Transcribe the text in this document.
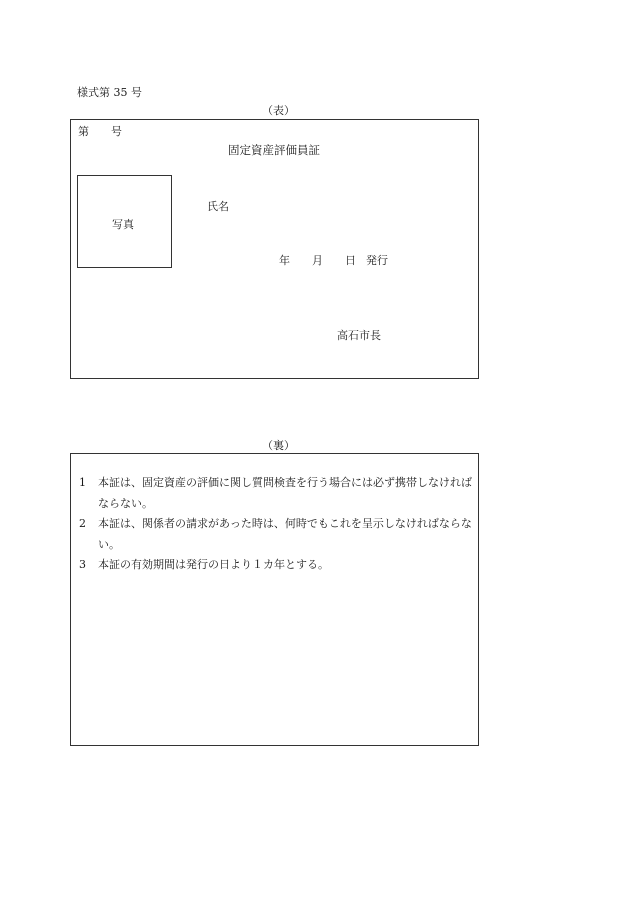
様式第 35 号
（表）
第 号
固定資産評価員証
写真
氏名
年 月 日 発行
高石市長
（裏）
1	本証は、固定資産の評価に関し質問検査を行う場合には必ず携帯しなければならない。
2	本証は、関係者の請求があった時は、何時でもこれを呈示しなければならない。
3	本証の有効期間は発行の日より１カ年とする。
